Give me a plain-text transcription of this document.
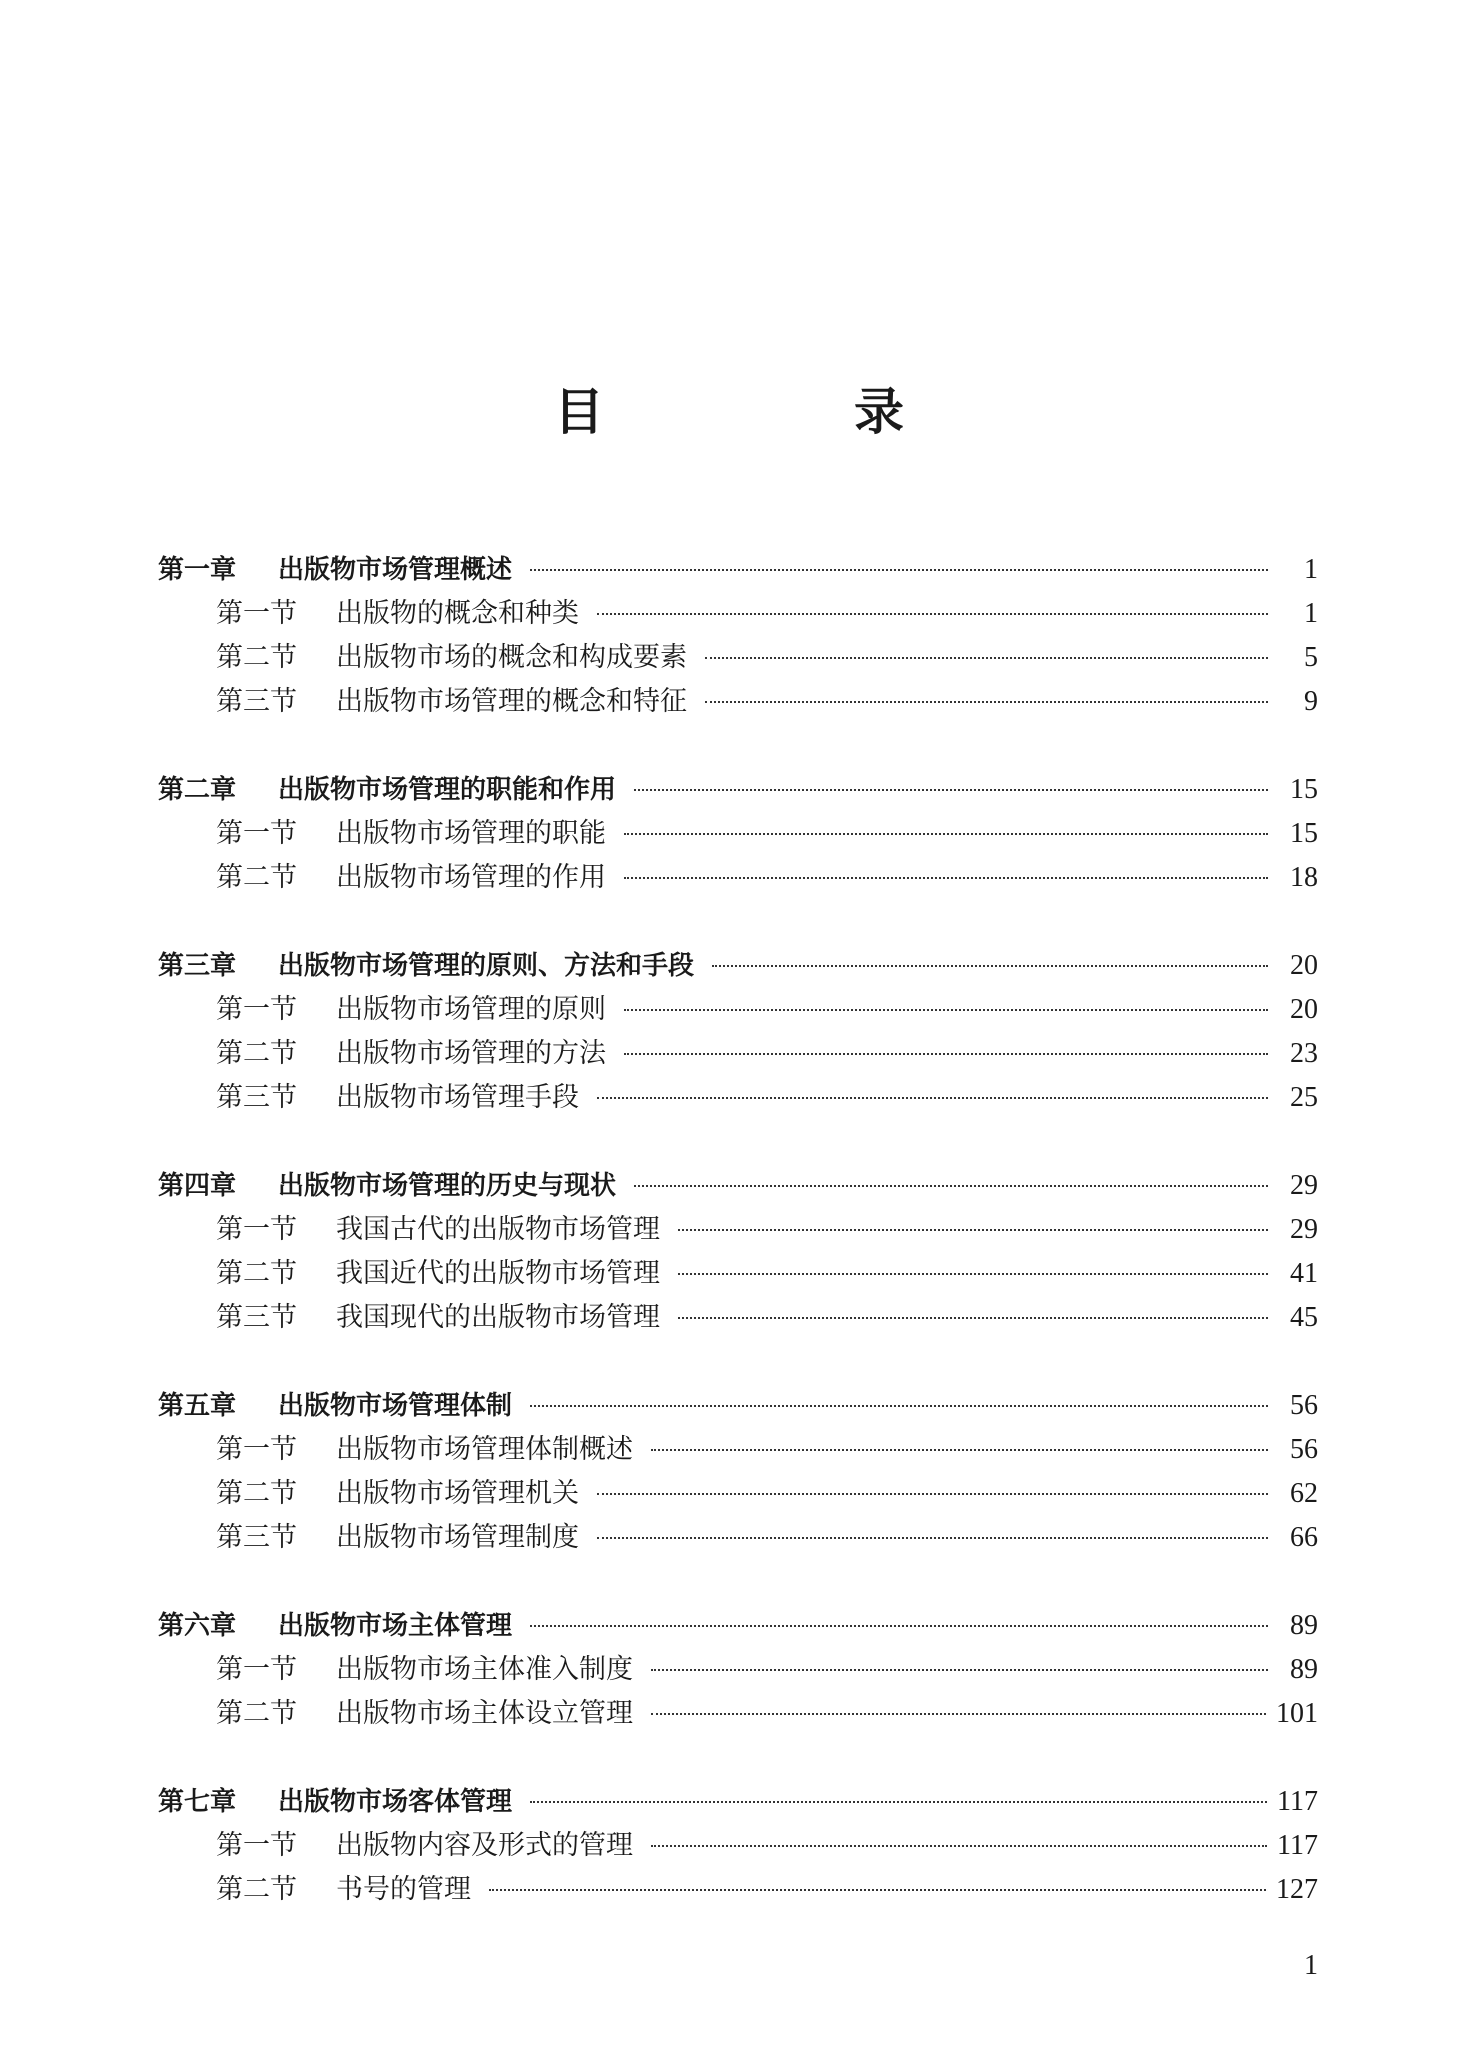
目　录
第一章	出版物市场管理概述	1
第一节	出版物的概念和种类	1
第二节	出版物市场的概念和构成要素	5
第三节	出版物市场管理的概念和特征	9
第二章	出版物市场管理的职能和作用	15
第一节	出版物市场管理的职能	15
第二节	出版物市场管理的作用	18
第三章	出版物市场管理的原则、方法和手段	20
第一节	出版物市场管理的原则	20
第二节	出版物市场管理的方法	23
第三节	出版物市场管理手段	25
第四章	出版物市场管理的历史与现状	29
第一节	我国古代的出版物市场管理	29
第二节	我国近代的出版物市场管理	41
第三节	我国现代的出版物市场管理	45
第五章	出版物市场管理体制	56
第一节	出版物市场管理体制概述	56
第二节	出版物市场管理机关	62
第三节	出版物市场管理制度	66
第六章	出版物市场主体管理	89
第一节	出版物市场主体准入制度	89
第二节	出版物市场主体设立管理	101
第七章	出版物市场客体管理	117
第一节	出版物内容及形式的管理	117
第二节	书号的管理	127
1
